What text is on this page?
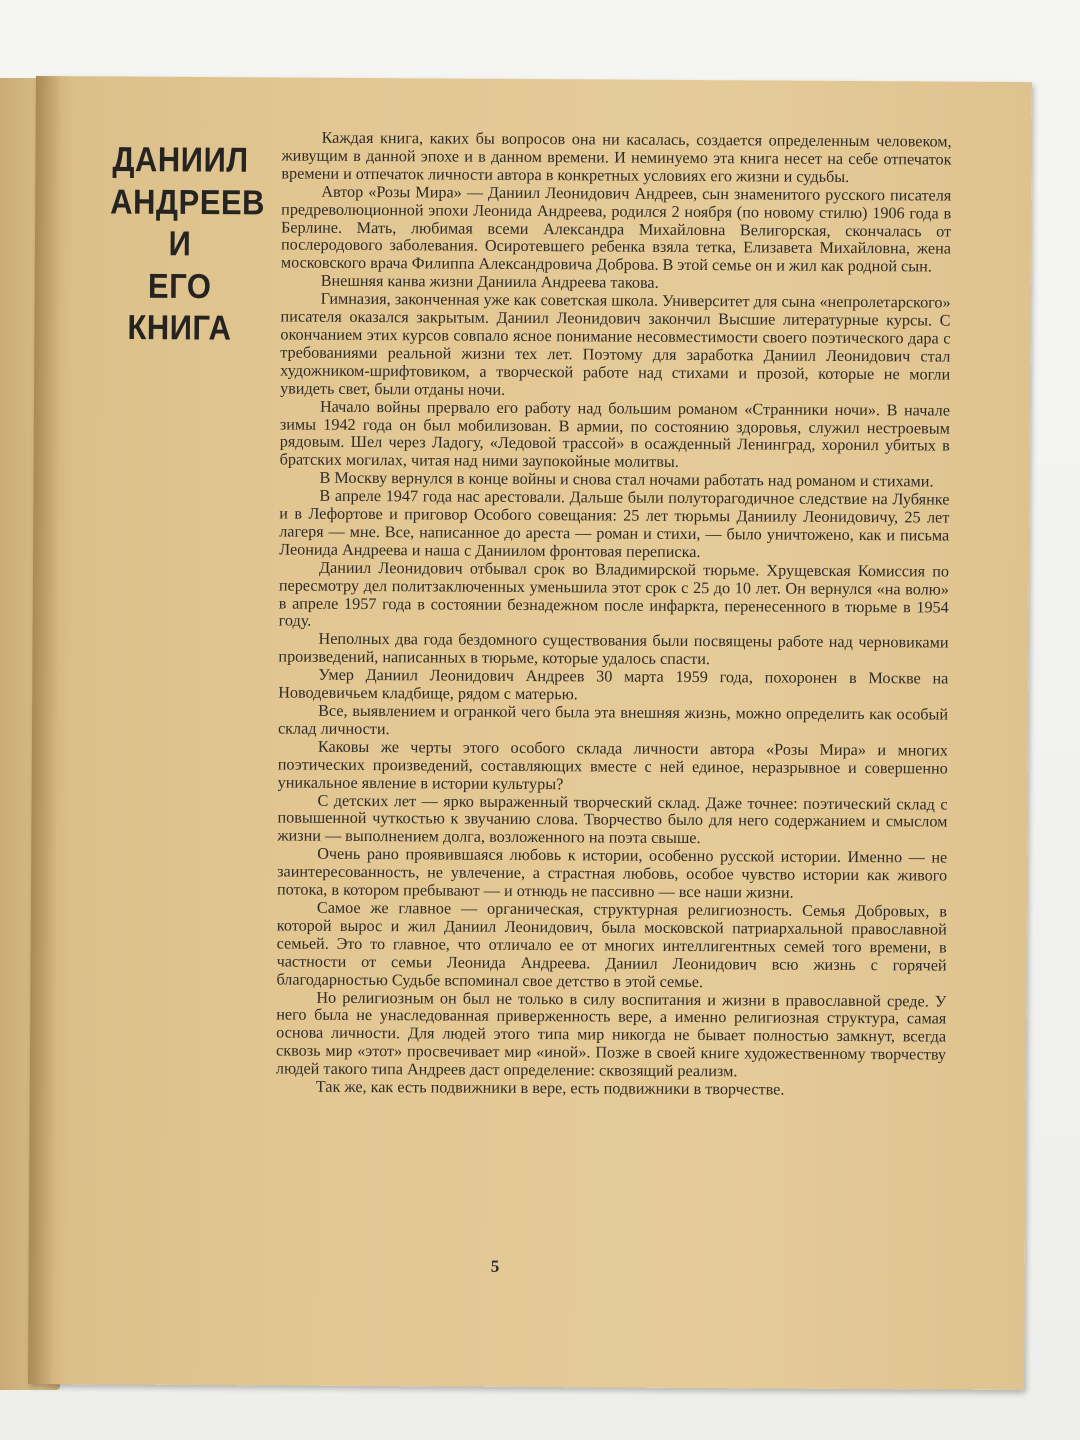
ДАНИИЛ
АНДРЕЕВ
И
ЕГО
КНИГА

Каждая книга, каких бы вопросов она ни касалась, создается определенным человеком, живущим в данной эпохе и в данном времени. И неминуемо эта книга несет на себе отпечаток времени и отпечаток личности автора в конкретных условиях его жизни и судьбы.

Автор «Розы Мира» — Даниил Леонидович Андреев, сын знаменитого русского писателя предреволюционной эпохи Леонида Андреева, родился 2 ноября (по новому стилю) 1906 года в Берлине. Мать, любимая всеми Александра Михайловна Велигорская, скончалась от послеродового заболевания. Осиротевшего ребенка взяла тетка, Елизавета Михайловна, жена московского врача Филиппа Александровича Доброва. В этой семье он и жил как родной сын.

Внешняя канва жизни Даниила Андреева такова.

Гимназия, законченная уже как советская школа. Университет для сына «непролетарского» писателя оказался закрытым. Даниил Леонидович закончил Высшие литературные курсы. С окончанием этих курсов совпало ясное понимание несовместимости своего поэтического дара с требованиями реальной жизни тех лет. Поэтому для заработка Даниил Леонидович стал художником-шрифтовиком, а творческой работе над стихами и прозой, которые не могли увидеть свет, были отданы ночи.

Начало войны прервало его работу над большим романом «Странники ночи». В начале зимы 1942 года он был мобилизован. В армии, по состоянию здоровья, служил нестроевым рядовым. Шел через Ладогу, «Ледовой трассой» в осажденный Ленинград, хоронил убитых в братских могилах, читая над ними заупокойные молитвы.

В Москву вернулся в конце войны и снова стал ночами работать над романом и стихами.

В апреле 1947 года нас арестовали. Дальше были полуторагодичное следствие на Лубянке и в Лефортове и приговор Особого совещания: 25 лет тюрьмы Даниилу Леонидовичу, 25 лет лагеря — мне. Все, написанное до ареста — роман и стихи, — было уничтожено, как и письма Леонида Андреева и наша с Даниилом фронтовая переписка.

Даниил Леонидович отбывал срок во Владимирской тюрьме. Хрущевская Комиссия по пересмотру дел политзаключенных уменьшила этот срок с 25 до 10 лет. Он вернулся «на волю» в апреле 1957 года в состоянии безнадежном после инфаркта, перенесенного в тюрьме в 1954 году.

Неполных два года бездомного существования были посвящены работе над черновиками произведений, написанных в тюрьме, которые удалось спасти.

Умер Даниил Леонидович Андреев 30 марта 1959 года, похоронен в Москве на Новодевичьем кладбище, рядом с матерью.

Все, выявлением и огранкой чего была эта внешняя жизнь, можно определить как особый склад личности.

Каковы же черты этого особого склада личности автора «Розы Мира» и многих поэтических произведений, составляющих вместе с ней единое, неразрывное и совершенно уникальное явление в истории культуры?

С детских лет — ярко выраженный творческий склад. Даже точнее: поэтический склад с повышенной чуткостью к звучанию слова. Творчество было для него содержанием и смыслом жизни — выполнением долга, возложенного на поэта свыше.

Очень рано проявившаяся любовь к истории, особенно русской истории. Именно — не заинтересованность, не увлечение, а страстная любовь, особое чувство истории как живого потока, в котором пребывают — и отнюдь не пассивно — все наши жизни.

Самое же главное — органическая, структурная религиозность. Семья Добровых, в которой вырос и жил Даниил Леонидович, была московской патриархальной православной семьей. Это то главное, что отличало ее от многих интеллигентных семей того времени, в частности от семьи Леонида Андреева. Даниил Леонидович всю жизнь с горячей благодарностью Судьбе вспоминал свое детство в этой семье.

Но религиозным он был не только в силу воспитания и жизни в православной среде. У него была не унаследованная приверженность вере, а именно религиозная структура, самая основа личности. Для людей этого типа мир никогда не бывает полностью замкнут, всегда сквозь мир «этот» просвечивает мир «иной». Позже в своей книге художественному творчеству людей такого типа Андреев даст определение: сквозящий реализм.

Так же, как есть подвижники в вере, есть подвижники в творчестве.

5
